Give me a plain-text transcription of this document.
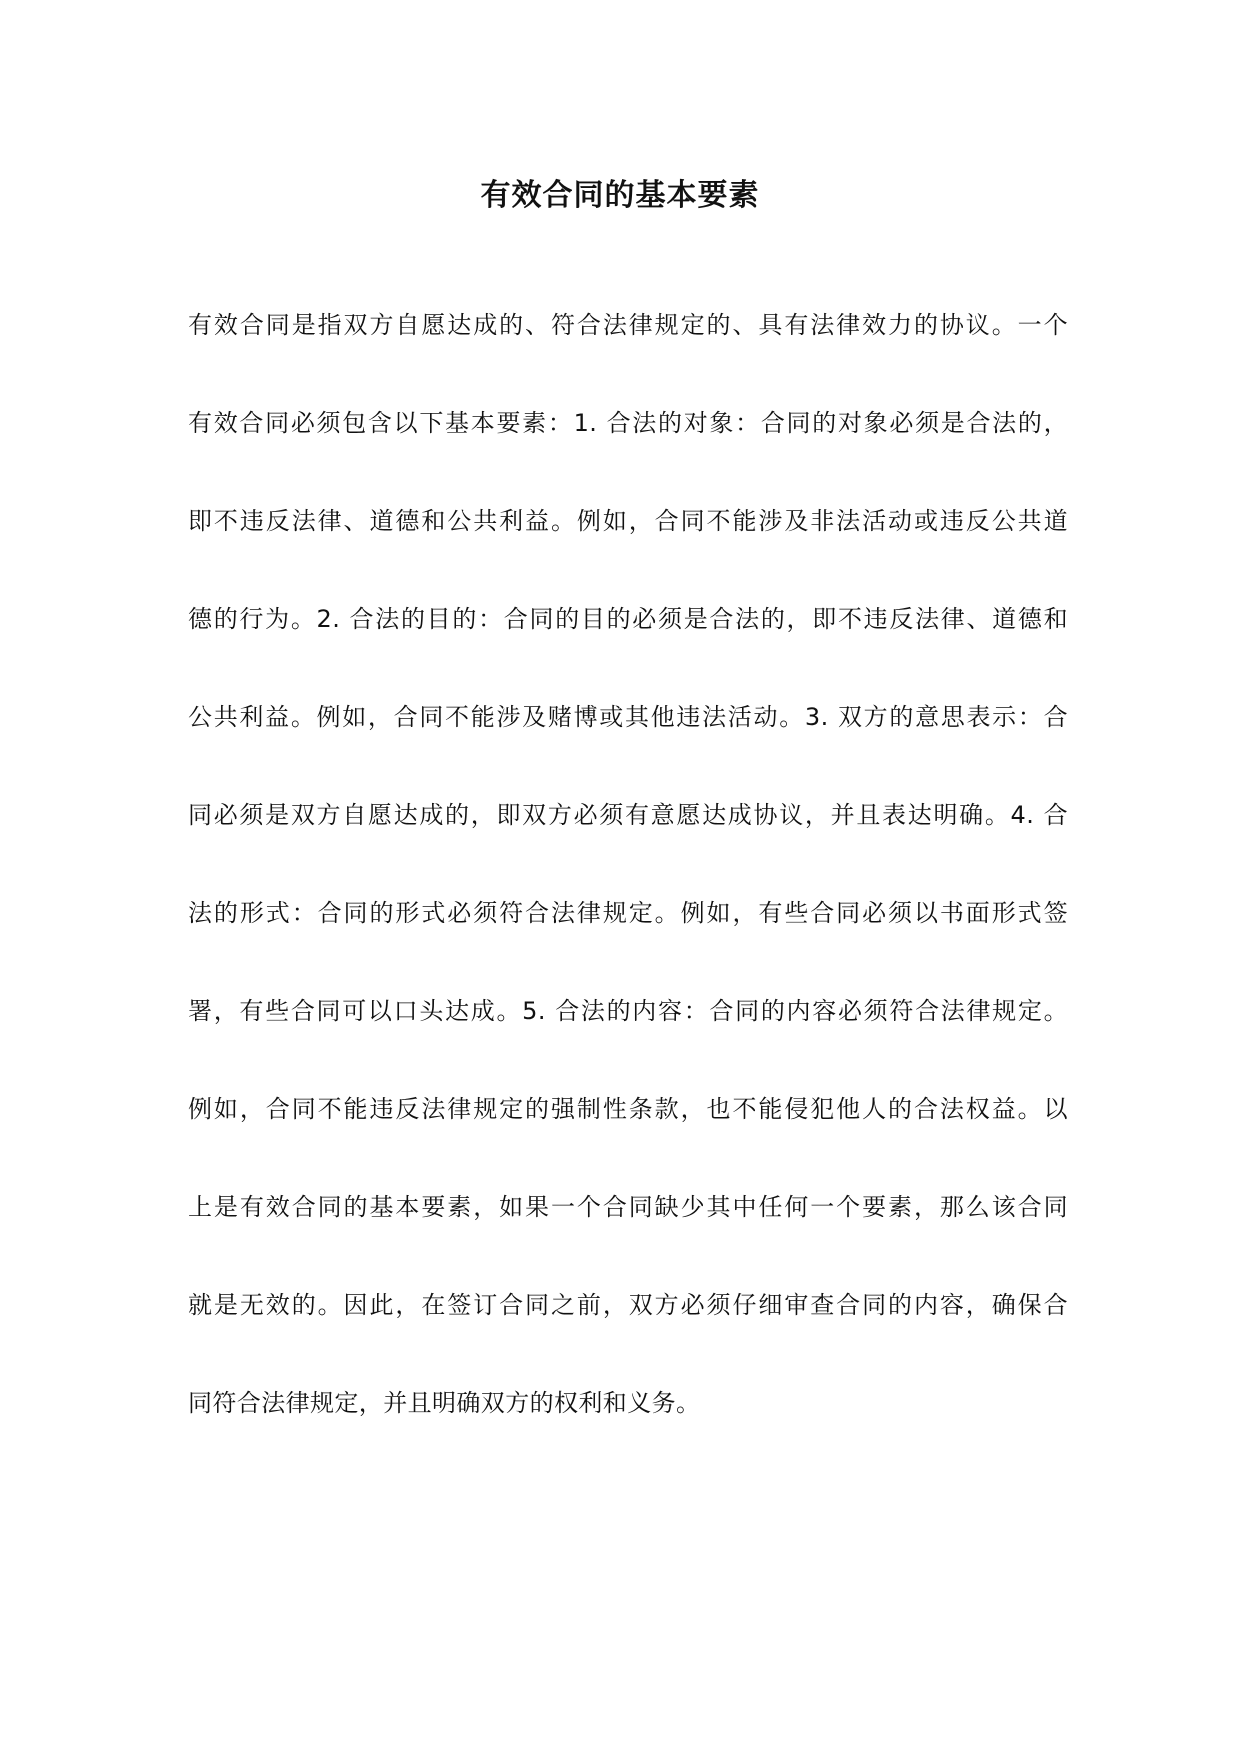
有效合同的基本要素
有效合同是指双方自愿达成的、符合法律规定的、具有法律效力的协议。一个
有效合同必须包含以下基本要素：1. 合法的对象：合同的对象必须是合法的，
即不违反法律、道德和公共利益。例如，合同不能涉及非法活动或违反公共道
德的行为。2. 合法的目的：合同的目的必须是合法的，即不违反法律、道德和
公共利益。例如，合同不能涉及赌博或其他违法活动。3. 双方的意思表示：合
同必须是双方自愿达成的，即双方必须有意愿达成协议，并且表达明确。4. 合
法的形式：合同的形式必须符合法律规定。例如，有些合同必须以书面形式签
署，有些合同可以口头达成。5. 合法的内容：合同的内容必须符合法律规定。
例如，合同不能违反法律规定的强制性条款，也不能侵犯他人的合法权益。以
上是有效合同的基本要素，如果一个合同缺少其中任何一个要素，那么该合同
就是无效的。因此，在签订合同之前，双方必须仔细审查合同的内容，确保合
同符合法律规定，并且明确双方的权利和义务。
